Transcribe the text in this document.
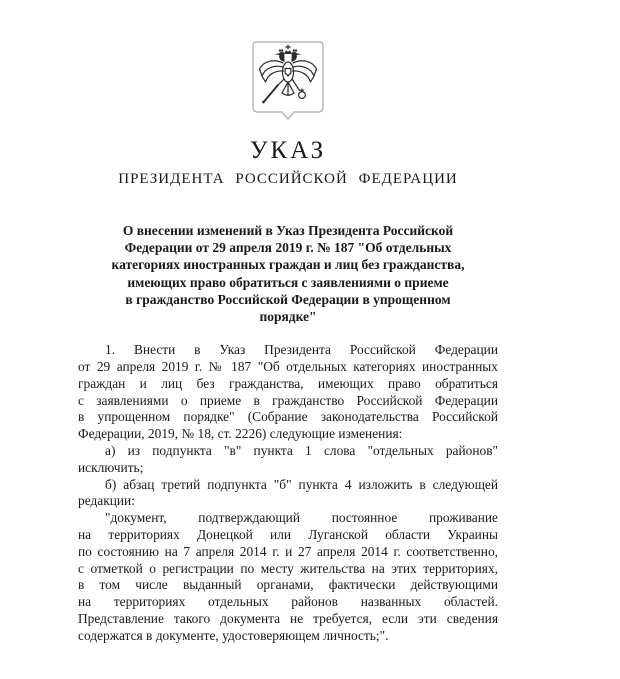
УКАЗ
ПРЕЗИДЕНТА РОССИЙСКОЙ ФЕДЕРАЦИИ
О внесении изменений в Указ Президента Российской
Федерации от 29 апреля 2019 г. № 187 "Об отдельных
категориях иностранных граждан и лиц без гражданства,
имеющих право обратиться с заявлениями о приеме
в гражданство Российской Федерации в упрощенном
порядке"
1. Внести в Указ Президента Российской Федерации
от 29 апреля 2019 г. № 187 "Об отдельных категориях иностранных
граждан и лиц без гражданства, имеющих право обратиться
с заявлениями о приеме в гражданство Российской Федерации
в упрощенном порядке" (Собрание законодательства Российской
Федерации, 2019, № 18, ст. 2226) следующие изменения:
а) из подпункта "в" пункта 1 слова "отдельных районов"
исключить;
б) абзац третий подпункта "б" пункта 4 изложить в следующей
редакции:
"документ, подтверждающий постоянное проживание
на территориях Донецкой или Луганской области Украины
по состоянию на 7 апреля 2014 г. и 27 апреля 2014 г. соответственно,
с отметкой о регистрации по месту жительства на этих территориях,
в том числе выданный органами, фактически действующими
на территориях отдельных районов названных областей.
Представление такого документа не требуется, если эти сведения
содержатся в документе, удостоверяющем личность;".
